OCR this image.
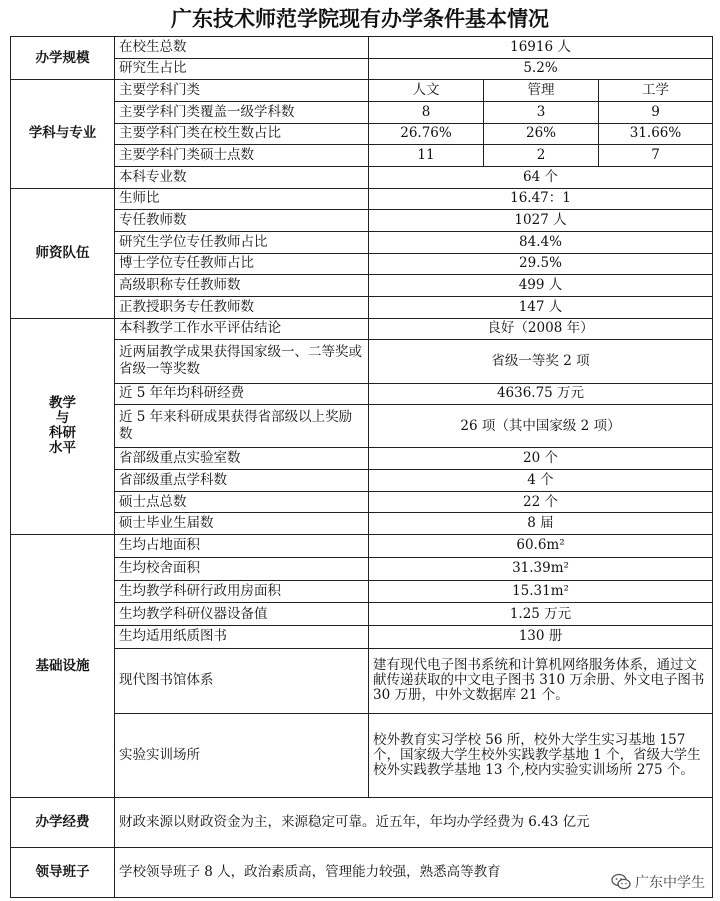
广东技术师范学院现有办学条件基本情况
办学规模	在校生总数	16916 人		
	研究生占比	5.2%		
学科与专业	主要学科门类	人文	管理	工学
	主要学科门类覆盖一级学科数	8	3	9
	主要学科门类在校生数占比	26.76%	26%	31.66%
	主要学科门类硕士点数	11	2	7
	本科专业数	64 个		
师资队伍	生师比	16.47：1		
	专任教师数	1027 人		
	研究生学位专任教师占比	84.4%		
	博士学位专任教师占比	29.5%		
	高级职称专任教师数	499 人		
	正教授职务专任教师数	147 人		

教学
与
科研
水平	本科教学工作水平评估结论	良好（2008 年）		
	近两届教学成果获得国家级一、二等奖或省级一等奖数	省级一等奖 2 项		
	近 5 年年均科研经费	4636.75 万元		
	近 5 年来科研成果获得省部级以上奖励数	26 项（其中国家级 2 项）		
	省部级重点实验室数	20 个		
	省部级重点学科数	4 个		
	硕士点总数	22 个		
	硕士毕业生届数	8 届		
基础设施	生均占地面积	60.6m²		
	生均校舍面积	31.39m²		
	生均教学科研行政用房面积	15.31m²		
	生均教学科研仪器设备值	1.25 万元		
	生均适用纸质图书	130 册		
	现代图书馆体系	建有现代电子图书系统和计算机网络服务体系，通过文献传递获取的中文电子图书 310 万余册、外文电子图书 30 万册，中外文数据库 21 个。		
	实验实训场所	校外教育实习学校 56 所，校外大学生实习基地 157 个，国家级大学生校外实践教学基地 1 个，省级大学生校外实践教学基地 13 个,校内实验实训场所 275 个。		
办学经费	财政来源以财政资金为主，来源稳定可靠。近五年，年均办学经费为 6.43 亿元			
领导班子	学校领导班子 8 人，政治素质高，管理能力较强，熟悉高等教育			
广东中学生
